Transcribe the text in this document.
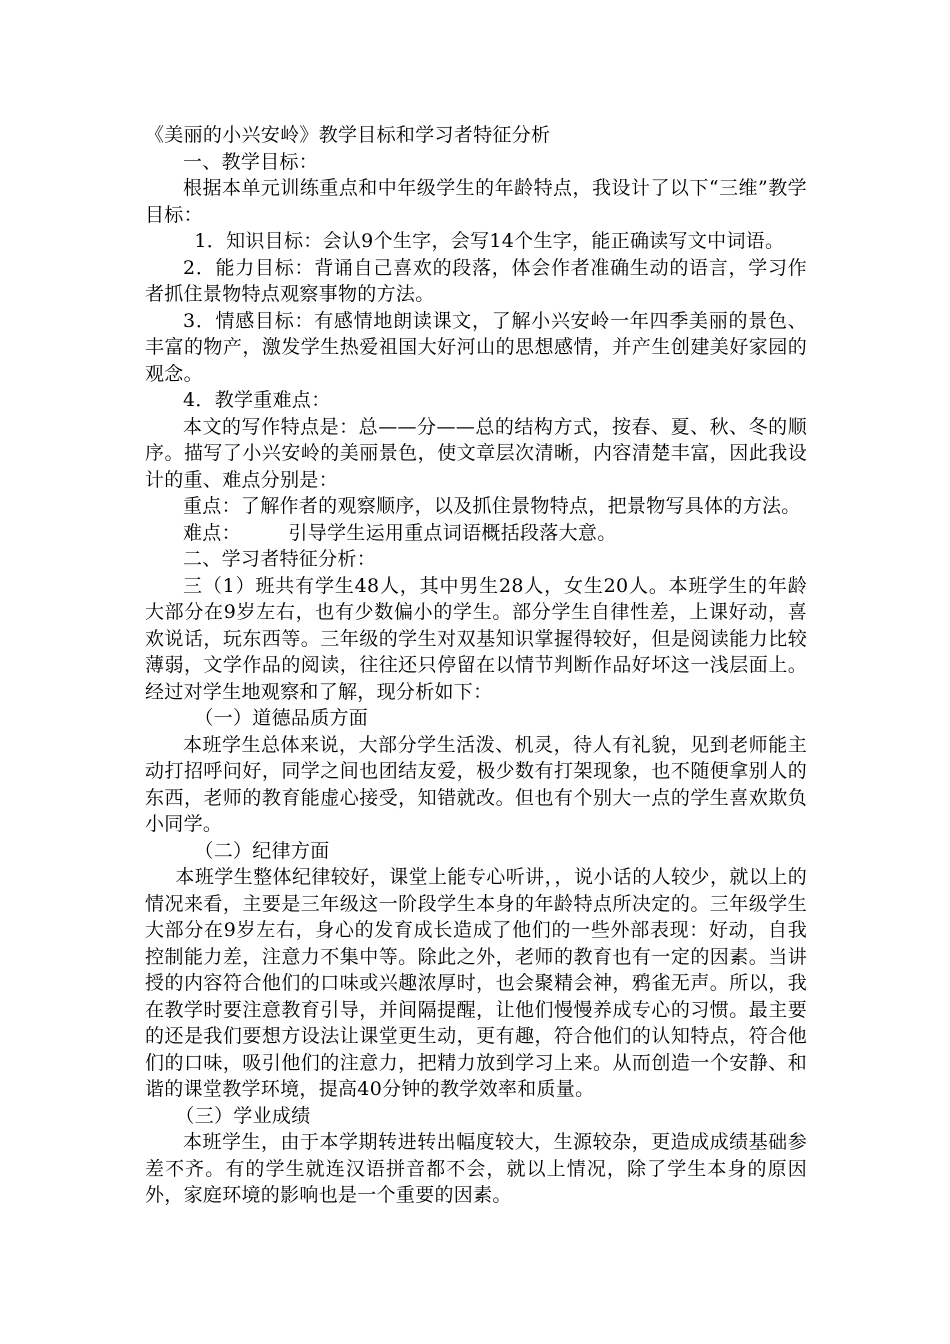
《美丽的小兴安岭》教学目标和学习者特征分析

一、教学目标：

根据本单元训练重点和中年级学生的年龄特点，我设计了以下“三维”教学目标：

1．知识目标：会认9个生字，会写14个生字，能正确读写文中词语。

2．能力目标：背诵自己喜欢的段落，体会作者准确生动的语言，学习作者抓住景物特点观察事物的方法。

3．情感目标：有感情地朗读课文，了解小兴安岭一年四季美丽的景色、丰富的物产，激发学生热爱祖国大好河山的思想感情，并产生创建美好家园的观念。

4．教学重难点：

本文的写作特点是：总——分——总的结构方式，按春、夏、秋、冬的顺序。描写了小兴安岭的美丽景色，使文章层次清晰，内容清楚丰富，因此我设计的重、难点分别是：

重点：了解作者的观察顺序，以及抓住景物特点，把景物写具体的方法。

难点：	引导学生运用重点词语概括段落大意。

二、学习者特征分析：

三（1）班共有学生48人，其中男生28人，女生20人。本班学生的年龄大部分在9岁左右，也有少数偏小的学生。部分学生自律性差，上课好动，喜欢说话，玩东西等。三年级的学生对双基知识掌握得较好，但是阅读能力比较薄弱，文学作品的阅读，往往还只停留在以情节判断作品好坏这一浅层面上。经过对学生地观察和了解，现分析如下：

（一）道德品质方面

本班学生总体来说，大部分学生活泼、机灵，待人有礼貌，见到老师能主动打招呼问好，同学之间也团结友爱，极少数有打架现象，也不随便拿别人的东西，老师的教育能虚心接受，知错就改。但也有个别大一点的学生喜欢欺负小同学。

（二）纪律方面

本班学生整体纪律较好，课堂上能专心听讲，，说小话的人较少，就以上的情况来看，主要是三年级这一阶段学生本身的年龄特点所决定的。三年级学生大部分在9岁左右，身心的发育成长造成了他们的一些外部表现：好动，自我控制能力差，注意力不集中等。除此之外，老师的教育也有一定的因素。当讲授的内容符合他们的口味或兴趣浓厚时，也会聚精会神，鸦雀无声。所以，我在教学时要注意教育引导，并间隔提醒，让他们慢慢养成专心的习惯。最主要的还是我们要想方设法让课堂更生动，更有趣，符合他们的认知特点，符合他们的口味，吸引他们的注意力，把精力放到学习上来。从而创造一个安静、和谐的课堂教学环境，提高40分钟的教学效率和质量。

（三）学业成绩

本班学生，由于本学期转进转出幅度较大，生源较杂，更造成成绩基础参差不齐。有的学生就连汉语拼音都不会，就以上情况，除了学生本身的原因外，家庭环境的影响也是一个重要的因素。
